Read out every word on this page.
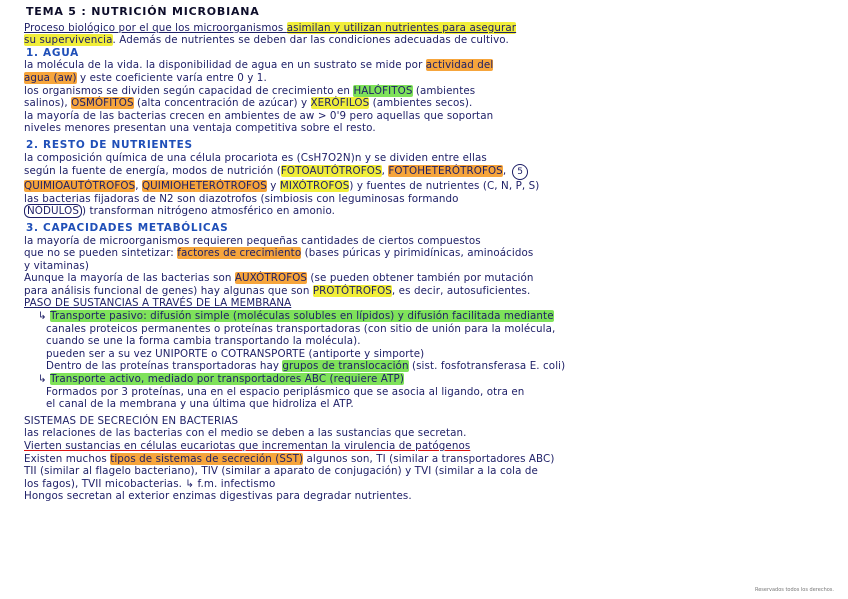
TEMA 5 : NUTRICIÓN MICROBIANA

Proceso biológico por el que los microorganismos asimilan y utilizan nutrientes para asegurar

su supervivencia. Además de nutrientes se deben dar las condiciones adecuadas de cultivo.

1. AGUA

la molécula de la vida. la disponibilidad de agua en un sustrato se mide por actividad del

agua (aw) y este coeficiente varía entre 0 y 1.

los organismos se dividen según capacidad de crecimiento en HALÓFITOS (ambientes

salinos), OSMÓFITOS (alta concentración de azúcar) y XERÓFILOS (ambientes secos).

la mayoría de las bacterias crecen en ambientes de aw > 0'9 pero aquellas que soportan

niveles menores presentan una ventaja competitiva sobre el resto.

2. RESTO DE NUTRIENTES

la composición química de una célula procariota es (CsH7O2N)n y se dividen entre ellas

según la fuente de energía, modos de nutrición (FOTOAUTÓTROFOS, FOTOHETERÓTROFOS, 5

QUIMIOAUTÓTROFOS, QUIMIOHETERÓTROFOS y MIXÓTROFOS) y fuentes de nutrientes (C, N, P, S)

las bacterias fijadoras de N2 son diazotrofos (simbiosis con leguminosas formando

NÓDULOS ) transforman nitrógeno atmosférico en amonio.

3. CAPACIDADES METABÓLICAS

la mayoría de microorganismos requieren pequeñas cantidades de ciertos compuestos

que no se pueden sintetizar: factores de crecimiento (bases púricas y pirimidínicas, aminoácidos

y vitaminas)

Aunque la mayoría de las bacterias son AUXÓTROFOS (se pueden obtener también por mutación

para análisis funcional de genes) hay algunas que son PROTÓTROFOS, es decir, autosuficientes.

PASO DE SUSTANCIAS A TRAVÉS DE LA MEMBRANA

↳ Transporte pasivo: difusión simple (moléculas solubles en lípidos) y difusión facilitada mediante

canales proteicos permanentes o proteínas transportadoras (con sitio de unión para la molécula,

cuando se une la forma cambia transportando la molécula).

pueden ser a su vez UNIPORTE o COTRANSPORTE (antiporte y simporte)

Dentro de las proteínas transportadoras hay grupos de translocación (sist. fosfotransferasa E. coli)

↳ Transporte activo, mediado por transportadores ABC (requiere ATP)

Formados por 3 proteínas, una en el espacio periplásmico que se asocia al ligando, otra en

el canal de la membrana y una última que hidroliza el ATP.

SISTEMAS DE SECRECIÓN EN BACTERIAS

las relaciones de las bacterias con el medio se deben a las sustancias que secretan.

Vierten sustancias en células eucariotas que incrementan la virulencia de patógenos

Existen muchos tipos de sistemas de secreción (SST) algunos son, TI (similar a transportadores ABC)

TII (similar al flagelo bacteriano), TIV (similar a aparato de conjugación) y TVI (similar a la cola de

los fagos), TVII micobacterias. ↳ f.m. infectismo

Hongos secretan al exterior enzimas digestivas para degradar nutrientes.

Reservados todos los derechos.
